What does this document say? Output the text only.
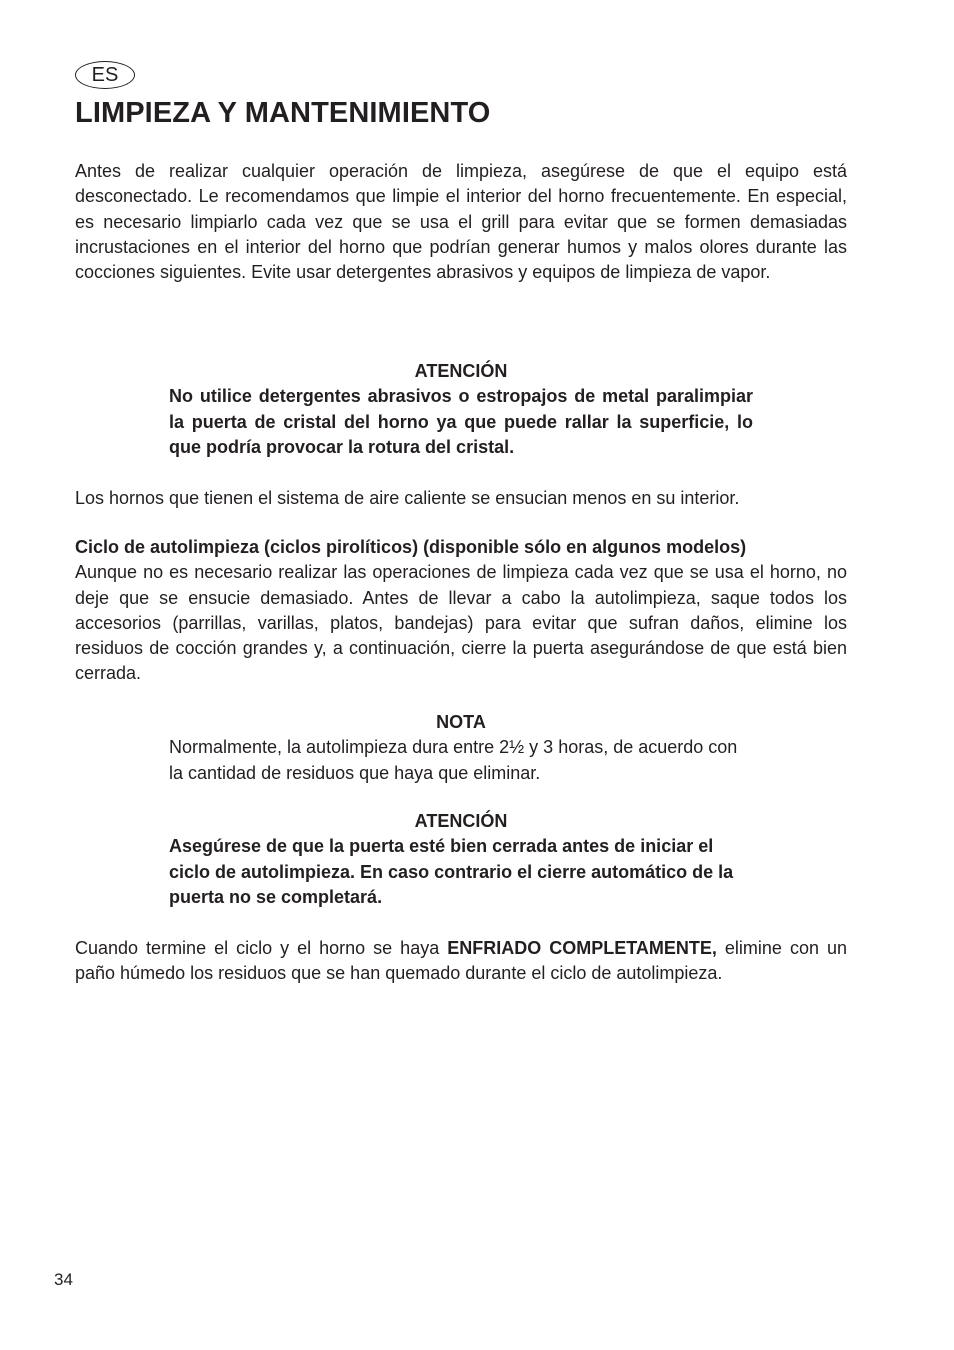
ES
LIMPIEZA Y MANTENIMIENTO

Antes de realizar cualquier operación de limpieza, asegúrese de que el equipo está desconectado. Le recomendamos que limpie el interior del horno frecuentemente. En especial, es necesario limpiarlo cada vez que se usa el grill para evitar que se formen demasiadas incrustaciones en el interior del horno que podrían generar humos y malos olores durante las cocciones siguientes. Evite usar detergentes abrasivos y equipos de limpieza de vapor.

ATENCIÓN

No utilice detergentes abrasivos o estropajos de metal paralimpiar la puerta de cristal del horno ya que puede rallar la superficie, lo que podría provocar la rotura del cristal.

Los hornos que tienen el sistema de aire caliente se ensucian menos en su interior.

Ciclo de autolimpieza (ciclos pirolíticos) (disponible sólo en algunos modelos)
Aunque no es necesario realizar las operaciones de limpieza cada vez que se usa el horno, no deje que se ensucie demasiado. Antes de llevar a cabo la autolimpieza, saque todos los accesorios (parrillas, varillas, platos, bandejas) para evitar que sufran daños, elimine los residuos de cocción grandes y, a continuación, cierre la puerta asegurándose de que está bien cerrada.

NOTA

Normalmente, la autolimpieza dura entre 2½ y 3 horas, de acuerdo con la cantidad de residuos que haya que eliminar.

ATENCIÓN

Asegúrese de que la puerta esté bien cerrada antes de iniciar el ciclo de autolimpieza. En caso contrario el cierre automático de la puerta no se completará.

Cuando termine el ciclo y el horno se haya ENFRIADO COMPLETAMENTE, elimine con un paño húmedo los residuos que se han quemado durante el ciclo de autolimpieza.

34
